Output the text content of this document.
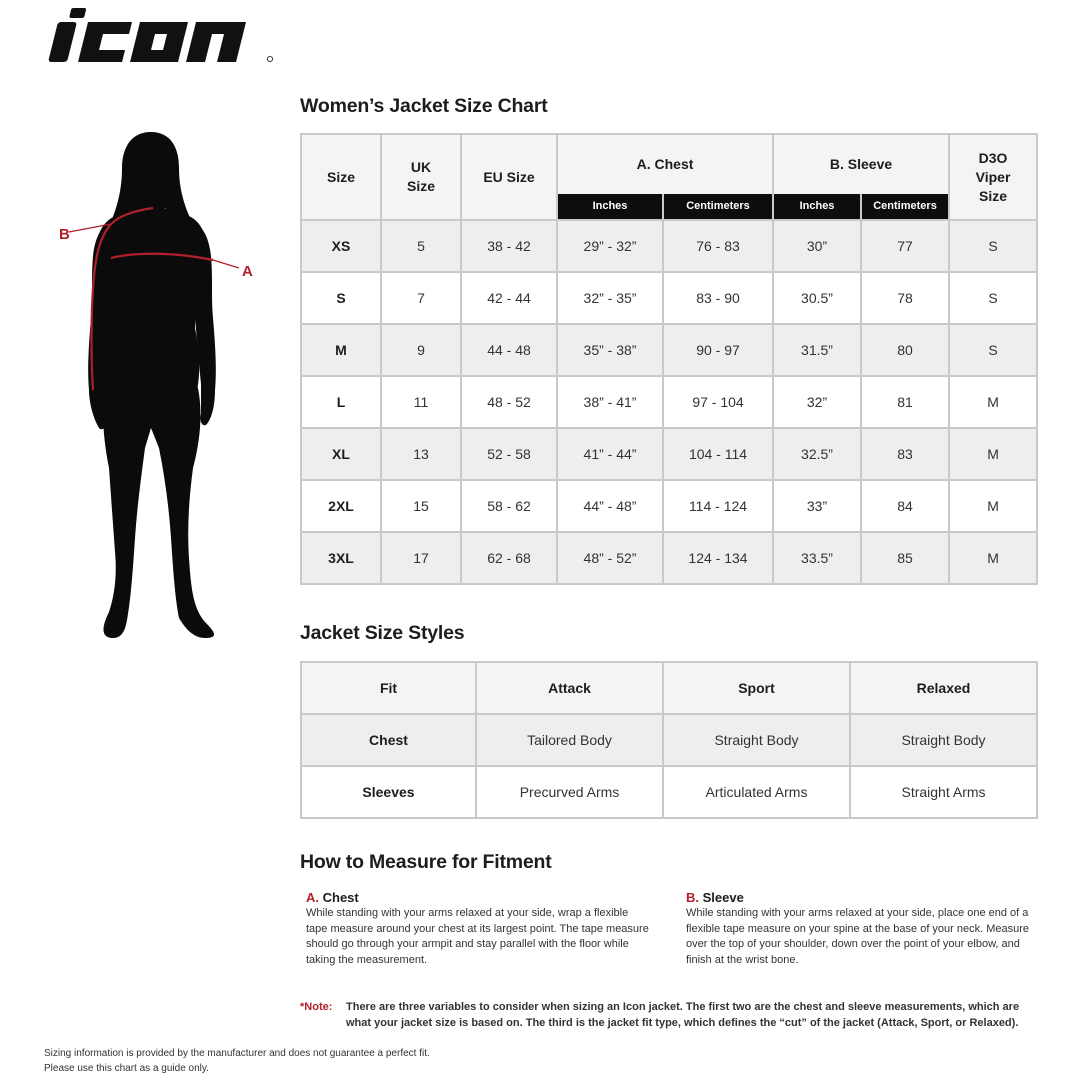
B
A
Women’s Jacket Size Chart
Size	UK Size	EU Size	A. Chest		B. Sleeve		D3O Viper Size
			Inches	Centimeters	Inches	Centimeters	
XS	5	38 - 42	29” - 32”	76 - 83	30”	77	S
S	7	42 - 44	32” - 35”	83 - 90	30.5”	78	S
M	9	44 - 48	35” - 38”	90 - 97	31.5”	80	S
L	11	48 - 52	38” - 41”	97 - 104	32”	81	M
XL	13	52 - 58	41” - 44”	104 - 114	32.5”	83	M
2XL	15	58 - 62	44” - 48”	114 - 124	33”	84	M
3XL	17	62 - 68	48” - 52”	124 - 134	33.5”	85	M
Jacket Size Styles
Fit	Attack	Sport	Relaxed
Chest	Tailored Body	Straight Body	Straight Body
Sleeves	Precurved Arms	Articulated Arms	Straight Arms
How to Measure for Fitment
A. Chest
While standing with your arms relaxed at your side, wrap a flexible
tape measure around your chest at its largest point. The tape measure
should go through your armpit and stay parallel with the floor while
taking the measurement.
B. Sleeve
While standing with your arms relaxed at your side, place one end of a
flexible tape measure on your spine at the base of your neck. Measure
over the top of your shoulder, down over the point of your elbow, and
finish at the wrist bone.
*Note:	There are three variables to consider when sizing an Icon jacket. The first two are the chest and sleeve measurements, which are
what your jacket size is based on. The third is the jacket fit type, which defines the “cut” of the jacket (Attack, Sport, or Relaxed).
Sizing information is provided by the manufacturer and does not guarantee a perfect fit.
Please use this chart as a guide only.
